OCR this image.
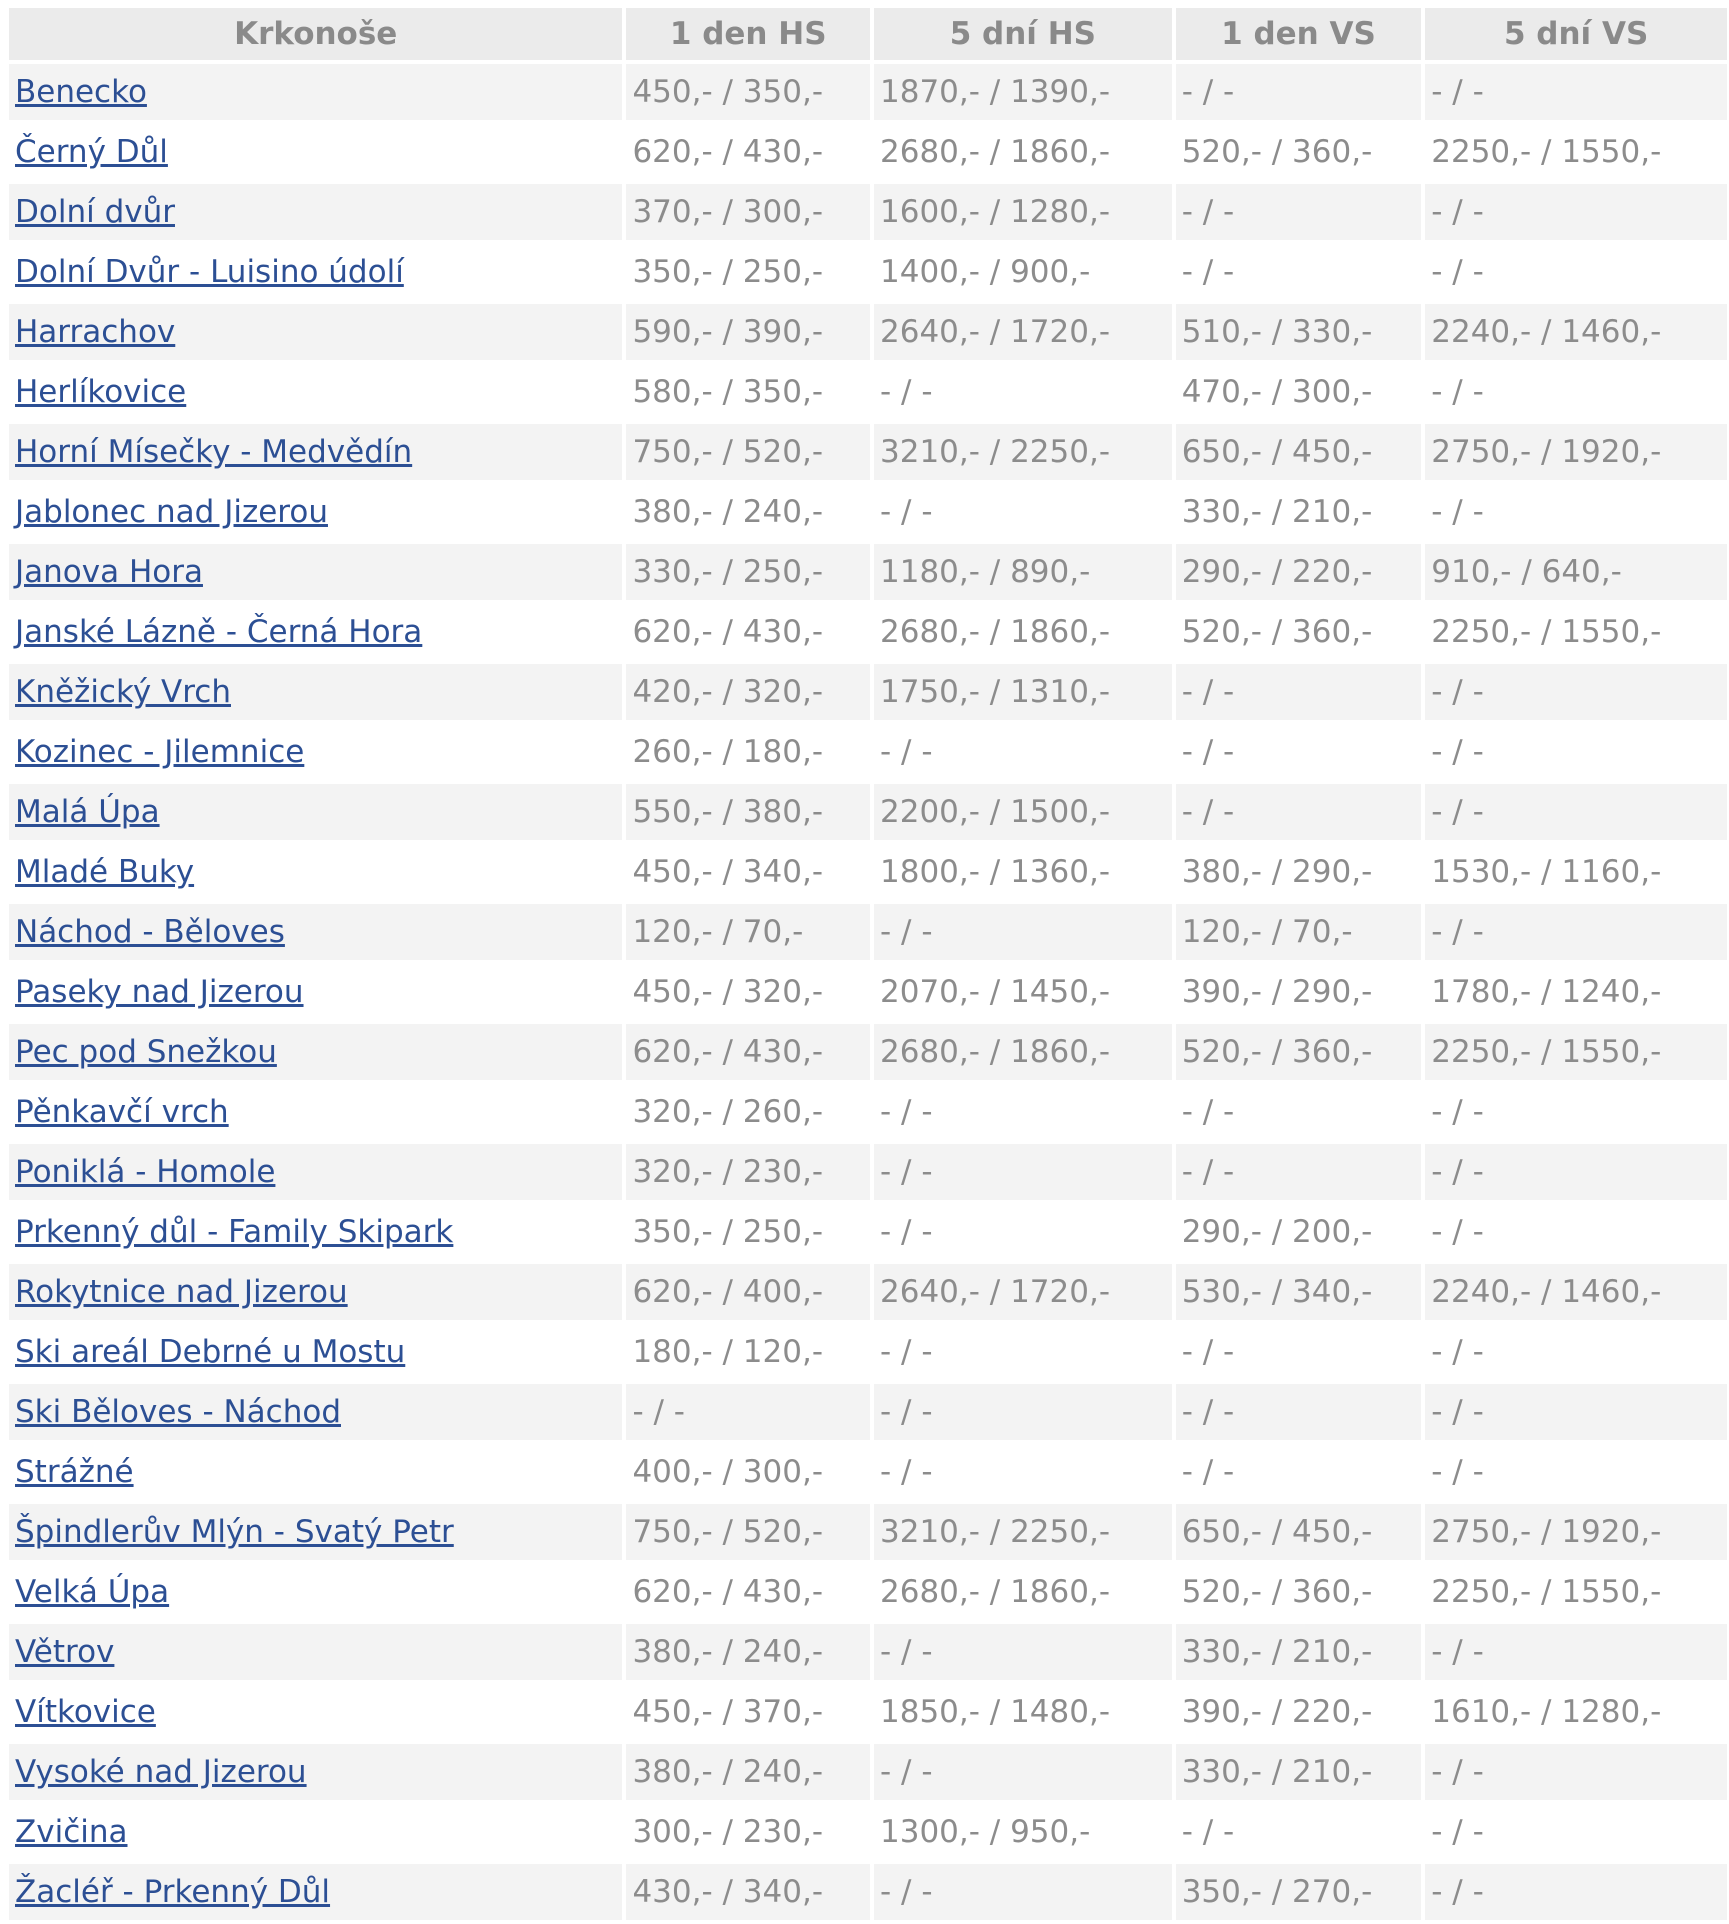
Krkonoše	1 den HS	5 dní HS	1 den VS	5 dní VS
Benecko	450,- / 350,-	1870,- / 1390,-	- / -	- / -
Černý Důl	620,- / 430,-	2680,- / 1860,-	520,- / 360,-	2250,- / 1550,-
Dolní dvůr	370,- / 300,-	1600,- / 1280,-	- / -	- / -
Dolní Dvůr - Luisino údolí	350,- / 250,-	1400,- / 900,-	- / -	- / -
Harrachov	590,- / 390,-	2640,- / 1720,-	510,- / 330,-	2240,- / 1460,-
Herlíkovice	580,- / 350,-	- / -	470,- / 300,-	- / -
Horní Mísečky - Medvědín	750,- / 520,-	3210,- / 2250,-	650,- / 450,-	2750,- / 1920,-
Jablonec nad Jizerou	380,- / 240,-	- / -	330,- / 210,-	- / -
Janova Hora	330,- / 250,-	1180,- / 890,-	290,- / 220,-	910,- / 640,-
Janské Lázně - Černá Hora	620,- / 430,-	2680,- / 1860,-	520,- / 360,-	2250,- / 1550,-
Kněžický Vrch	420,- / 320,-	1750,- / 1310,-	- / -	- / -
Kozinec - Jilemnice	260,- / 180,-	- / -	- / -	- / -
Malá Úpa	550,- / 380,-	2200,- / 1500,-	- / -	- / -
Mladé Buky	450,- / 340,-	1800,- / 1360,-	380,- / 290,-	1530,- / 1160,-
Náchod - Běloves	120,- / 70,-	- / -	120,- / 70,-	- / -
Paseky nad Jizerou	450,- / 320,-	2070,- / 1450,-	390,- / 290,-	1780,- / 1240,-
Pec pod Snežkou	620,- / 430,-	2680,- / 1860,-	520,- / 360,-	2250,- / 1550,-
Pěnkavčí vrch	320,- / 260,-	- / -	- / -	- / -
Poniklá - Homole	320,- / 230,-	- / -	- / -	- / -
Prkenný důl - Family Skipark	350,- / 250,-	- / -	290,- / 200,-	- / -
Rokytnice nad Jizerou	620,- / 400,-	2640,- / 1720,-	530,- / 340,-	2240,- / 1460,-
Ski areál Debrné u Mostu	180,- / 120,-	- / -	- / -	- / -
Ski Běloves - Náchod	- / -	- / -	- / -	- / -
Strážné	400,- / 300,-	- / -	- / -	- / -
Špindlerův Mlýn - Svatý Petr	750,- / 520,-	3210,- / 2250,-	650,- / 450,-	2750,- / 1920,-
Velká Úpa	620,- / 430,-	2680,- / 1860,-	520,- / 360,-	2250,- / 1550,-
Větrov	380,- / 240,-	- / -	330,- / 210,-	- / -
Vítkovice	450,- / 370,-	1850,- / 1480,-	390,- / 220,-	1610,- / 1280,-
Vysoké nad Jizerou	380,- / 240,-	- / -	330,- / 210,-	- / -
Zvičina	300,- / 230,-	1300,- / 950,-	- / -	- / -
Žacléř - Prkenný Důl	430,- / 340,-	- / -	350,- / 270,-	- / -
